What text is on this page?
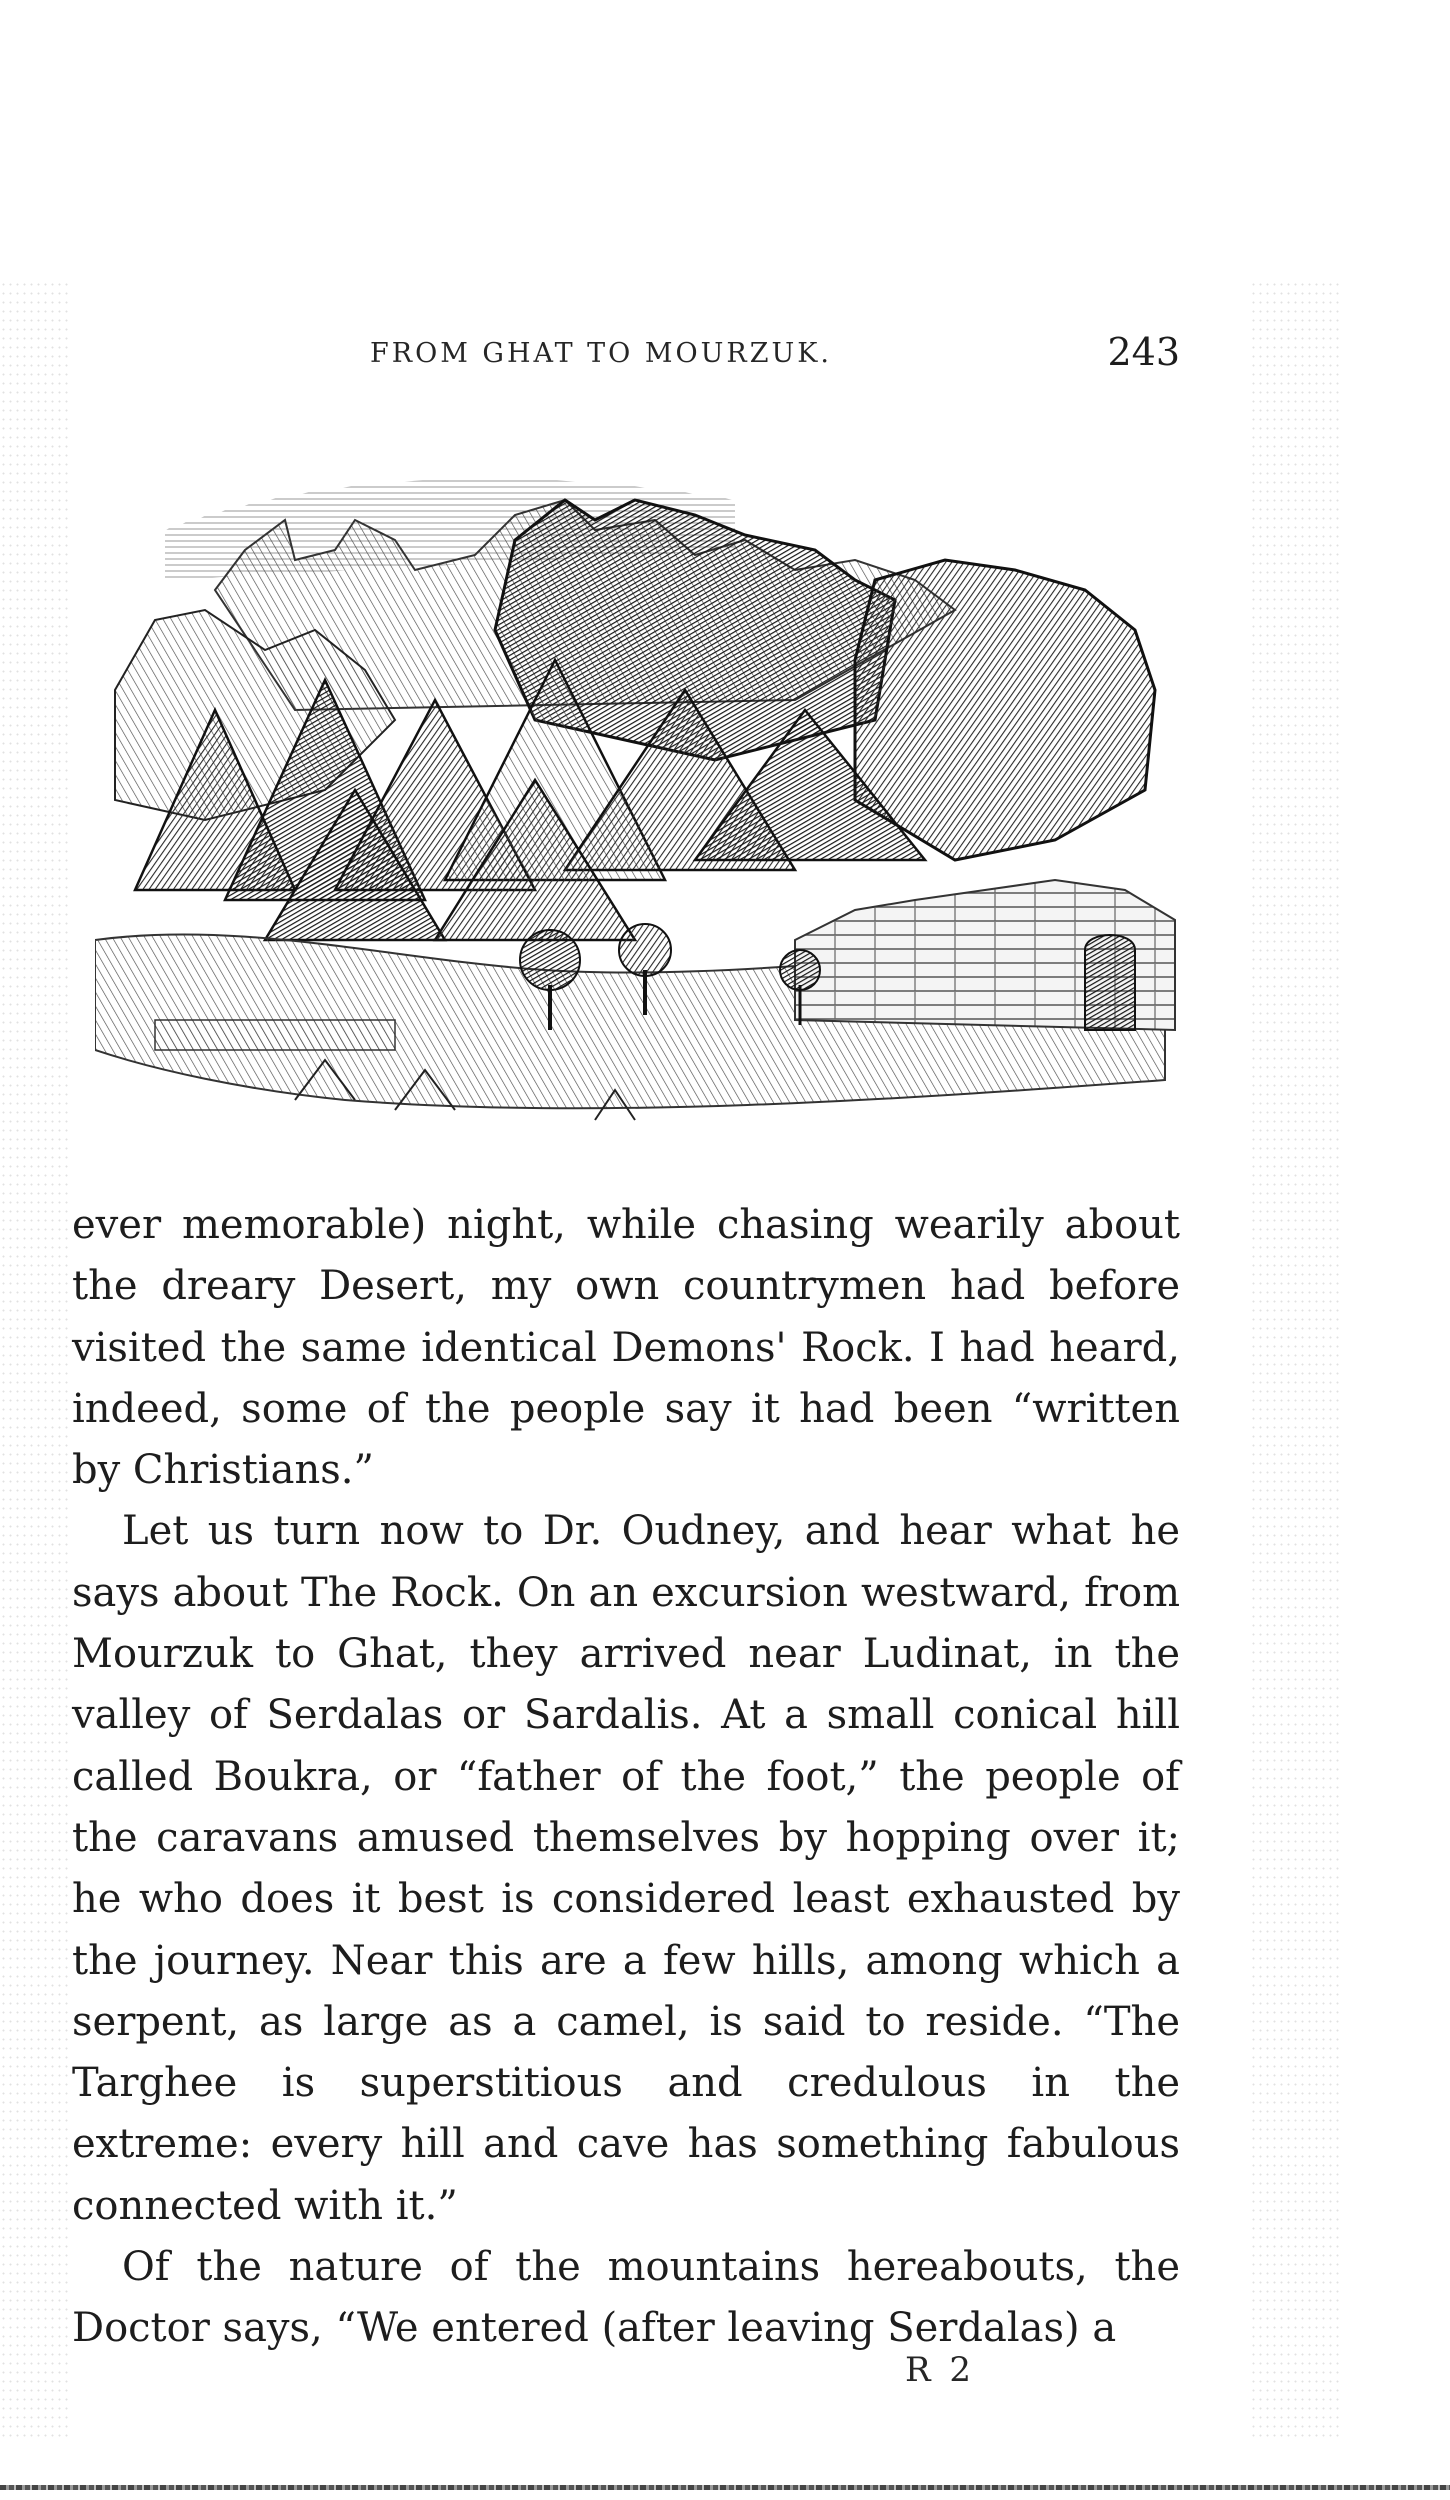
FROM GHAT TO MOURZUK.	243

ever memorable) night, while chasing wearily about the dreary Desert, my own countrymen had before visited the same identical Demons' Rock. I had heard, indeed, some of the people say it had been “written by Christians.”

Let us turn now to Dr. Oudney, and hear what he says about The Rock. On an excursion westward, from Mourzuk to Ghat, they arrived near Ludinat, in the valley of Serdalas or Sardalis. At a small conical hill called Boukra, or “father of the foot,” the people of the caravans amused themselves by hopping over it; he who does it best is considered least exhausted by the journey. Near this are a few hills, among which a serpent, as large as a camel, is said to reside. “The Targhee is superstitious and credulous in the extreme: every hill and cave has something fabulous connected with it.”

Of the nature of the mountains hereabouts, the Doctor says, “We entered (after leaving Serdalas) a

R 2
